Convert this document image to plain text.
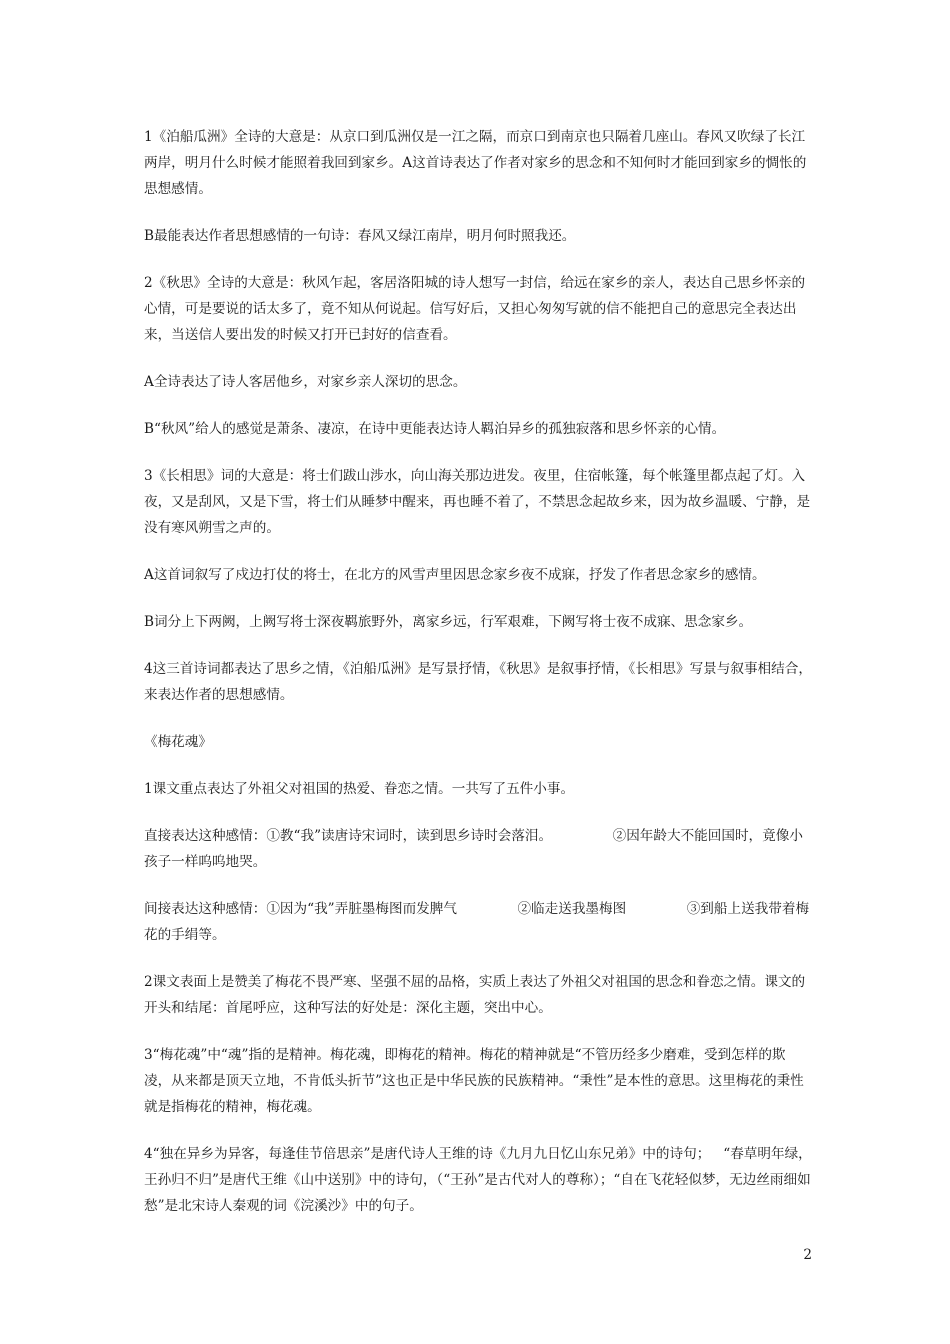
1《泊船瓜洲》全诗的大意是：从京口到瓜洲仅是一江之隔，而京口到南京也只隔着几座山。春风又吹绿了长江两岸，明月什么时候才能照着我回到家乡。A这首诗表达了作者对家乡的思念和不知何时才能回到家乡的惆怅的思想感情。

B最能表达作者思想感情的一句诗：春风又绿江南岸，明月何时照我还。

2《秋思》全诗的大意是：秋风乍起，客居洛阳城的诗人想写一封信，给远在家乡的亲人，表达自己思乡怀亲的心情，可是要说的话太多了，竟不知从何说起。信写好后，又担心匆匆写就的信不能把自己的意思完全表达出来，当送信人要出发的时候又打开已封好的信查看。

A全诗表达了诗人客居他乡，对家乡亲人深切的思念。

B“秋风”给人的感觉是萧条、凄凉，在诗中更能表达诗人羁泊异乡的孤独寂落和思乡怀亲的心情。

3《长相思》词的大意是：将士们跋山涉水，向山海关那边进发。夜里，住宿帐篷，每个帐篷里都点起了灯。入夜，又是刮风，又是下雪，将士们从睡梦中醒来，再也睡不着了，不禁思念起故乡来，因为故乡温暖、宁静，是没有寒风朔雪之声的。

A这首词叙写了戍边打仗的将士，在北方的风雪声里因思念家乡夜不成寐，抒发了作者思念家乡的感情。

B词分上下两阙，上阙写将士深夜羁旅野外，离家乡远，行军艰难，下阙写将士夜不成寐、思念家乡。

4这三首诗词都表达了思乡之情，《泊船瓜洲》是写景抒情，《秋思》是叙事抒情，《长相思》写景与叙事相结合，来表达作者的思想感情。

《梅花魂》

1课文重点表达了外祖父对祖国的热爱、眷恋之情。一共写了五件小事。

直接表达这种感情：①教“我”读唐诗宋词时，读到思乡诗时会落泪。              ②因年龄大不能回国时，竟像小孩子一样呜呜地哭。

间接表达这种感情：①因为“我”弄脏墨梅图而发脾气              ②临走送我墨梅图              ③到船上送我带着梅花的手绢等。

2课文表面上是赞美了梅花不畏严寒、坚强不屈的品格，实质上表达了外祖父对祖国的思念和眷恋之情。课文的开头和结尾：首尾呼应，这种写法的好处是：深化主题，突出中心。

3“梅花魂”中“魂”指的是精神。梅花魂，即梅花的精神。梅花的精神就是“不管历经多少磨难，受到怎样的欺凌，从来都是顶天立地，不肯低头折节”这也正是中华民族的民族精神。“秉性”是本性的意思。这里梅花的秉性就是指梅花的精神，梅花魂。

4“独在异乡为异客，每逢佳节倍思亲”是唐代诗人王维的诗《九月九日忆山东兄弟》中的诗句；   “春草明年绿，王孙归不归”是唐代王维《山中送别》中的诗句，（“王孙”是古代对人的尊称）；“自在飞花轻似梦，无边丝雨细如愁”是北宋诗人秦观的词《浣溪沙》中的句子。

2
